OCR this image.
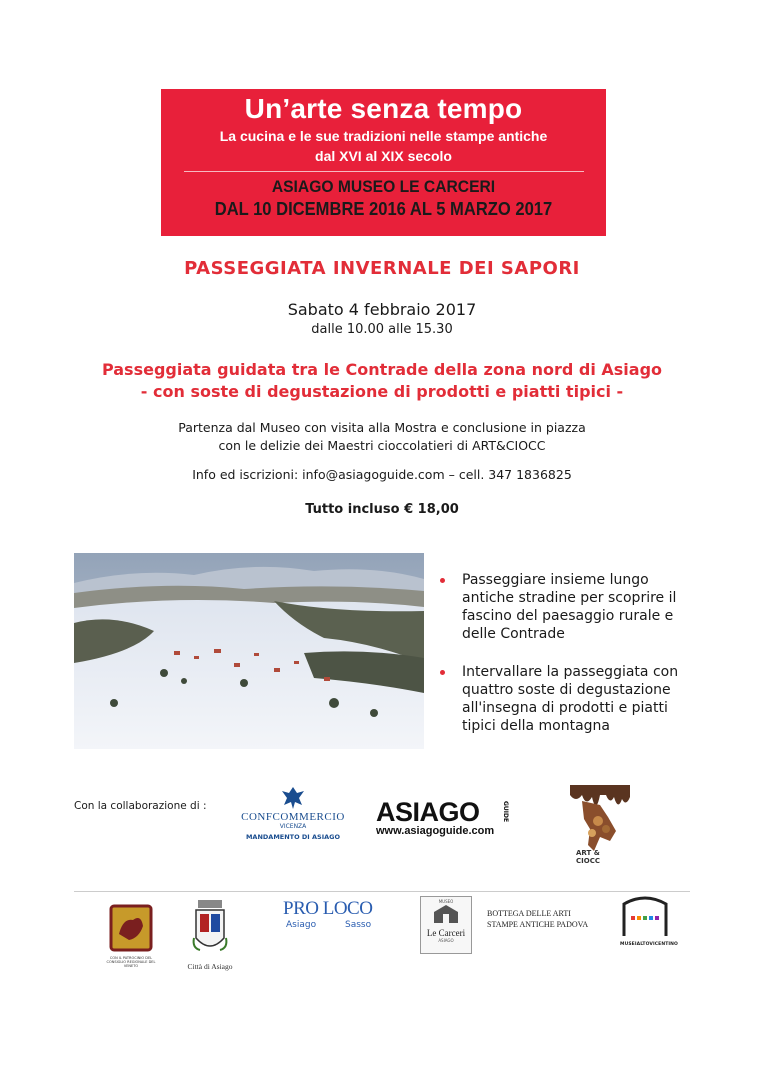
Un’arte senza tempo
La cucina e le sue tradizioni nelle stampe antiche
dal XVI al XIX secolo
ASIAGO MUSEO LE CARCERI
DAL 10 DICEMBRE 2016 AL 5 MARZO 2017
PASSEGGIATA INVERNALE DEI SAPORI
Sabato 4 febbraio 2017
dalle 10.00 alle 15.30
Passeggiata guidata tra le Contrade della zona nord di Asiago
- con soste di degustazione di prodotti e piatti tipici -
Partenza dal Museo con visita alla Mostra e conclusione in piazza
con le delizie dei Maestri cioccolatieri di ART&CIOCC
Info ed iscrizioni: info@asiagoguide.com – cell. 347 1836825
Tutto incluso € 18,00
Passeggiare insieme lungo antiche stradine per scoprire il fascino del paesaggio rurale e delle Contrade
Intervallare la passeggiata con quattro soste di degustazione all'insegna di prodotti e piatti tipici della montagna
Con la collaborazione di :
CONFCOMMERCIO
VICENZA
MANDAMENTO DI ASIAGO
ASIAGO	GUIDE
www.asiagoguide.com
ART & CIOCC
CON IL PATROCINIO DEL CONSIGLIO REGIONALE DEL VENETO	Città di Asiago
PRO LOCO
Asiago	Sasso
MUSEO
Le Carceri
ASIAGO
BOTTEGA DELLE ARTI
STAMPE ANTICHE PADOVA
MUSEIALTOVICENTINO
